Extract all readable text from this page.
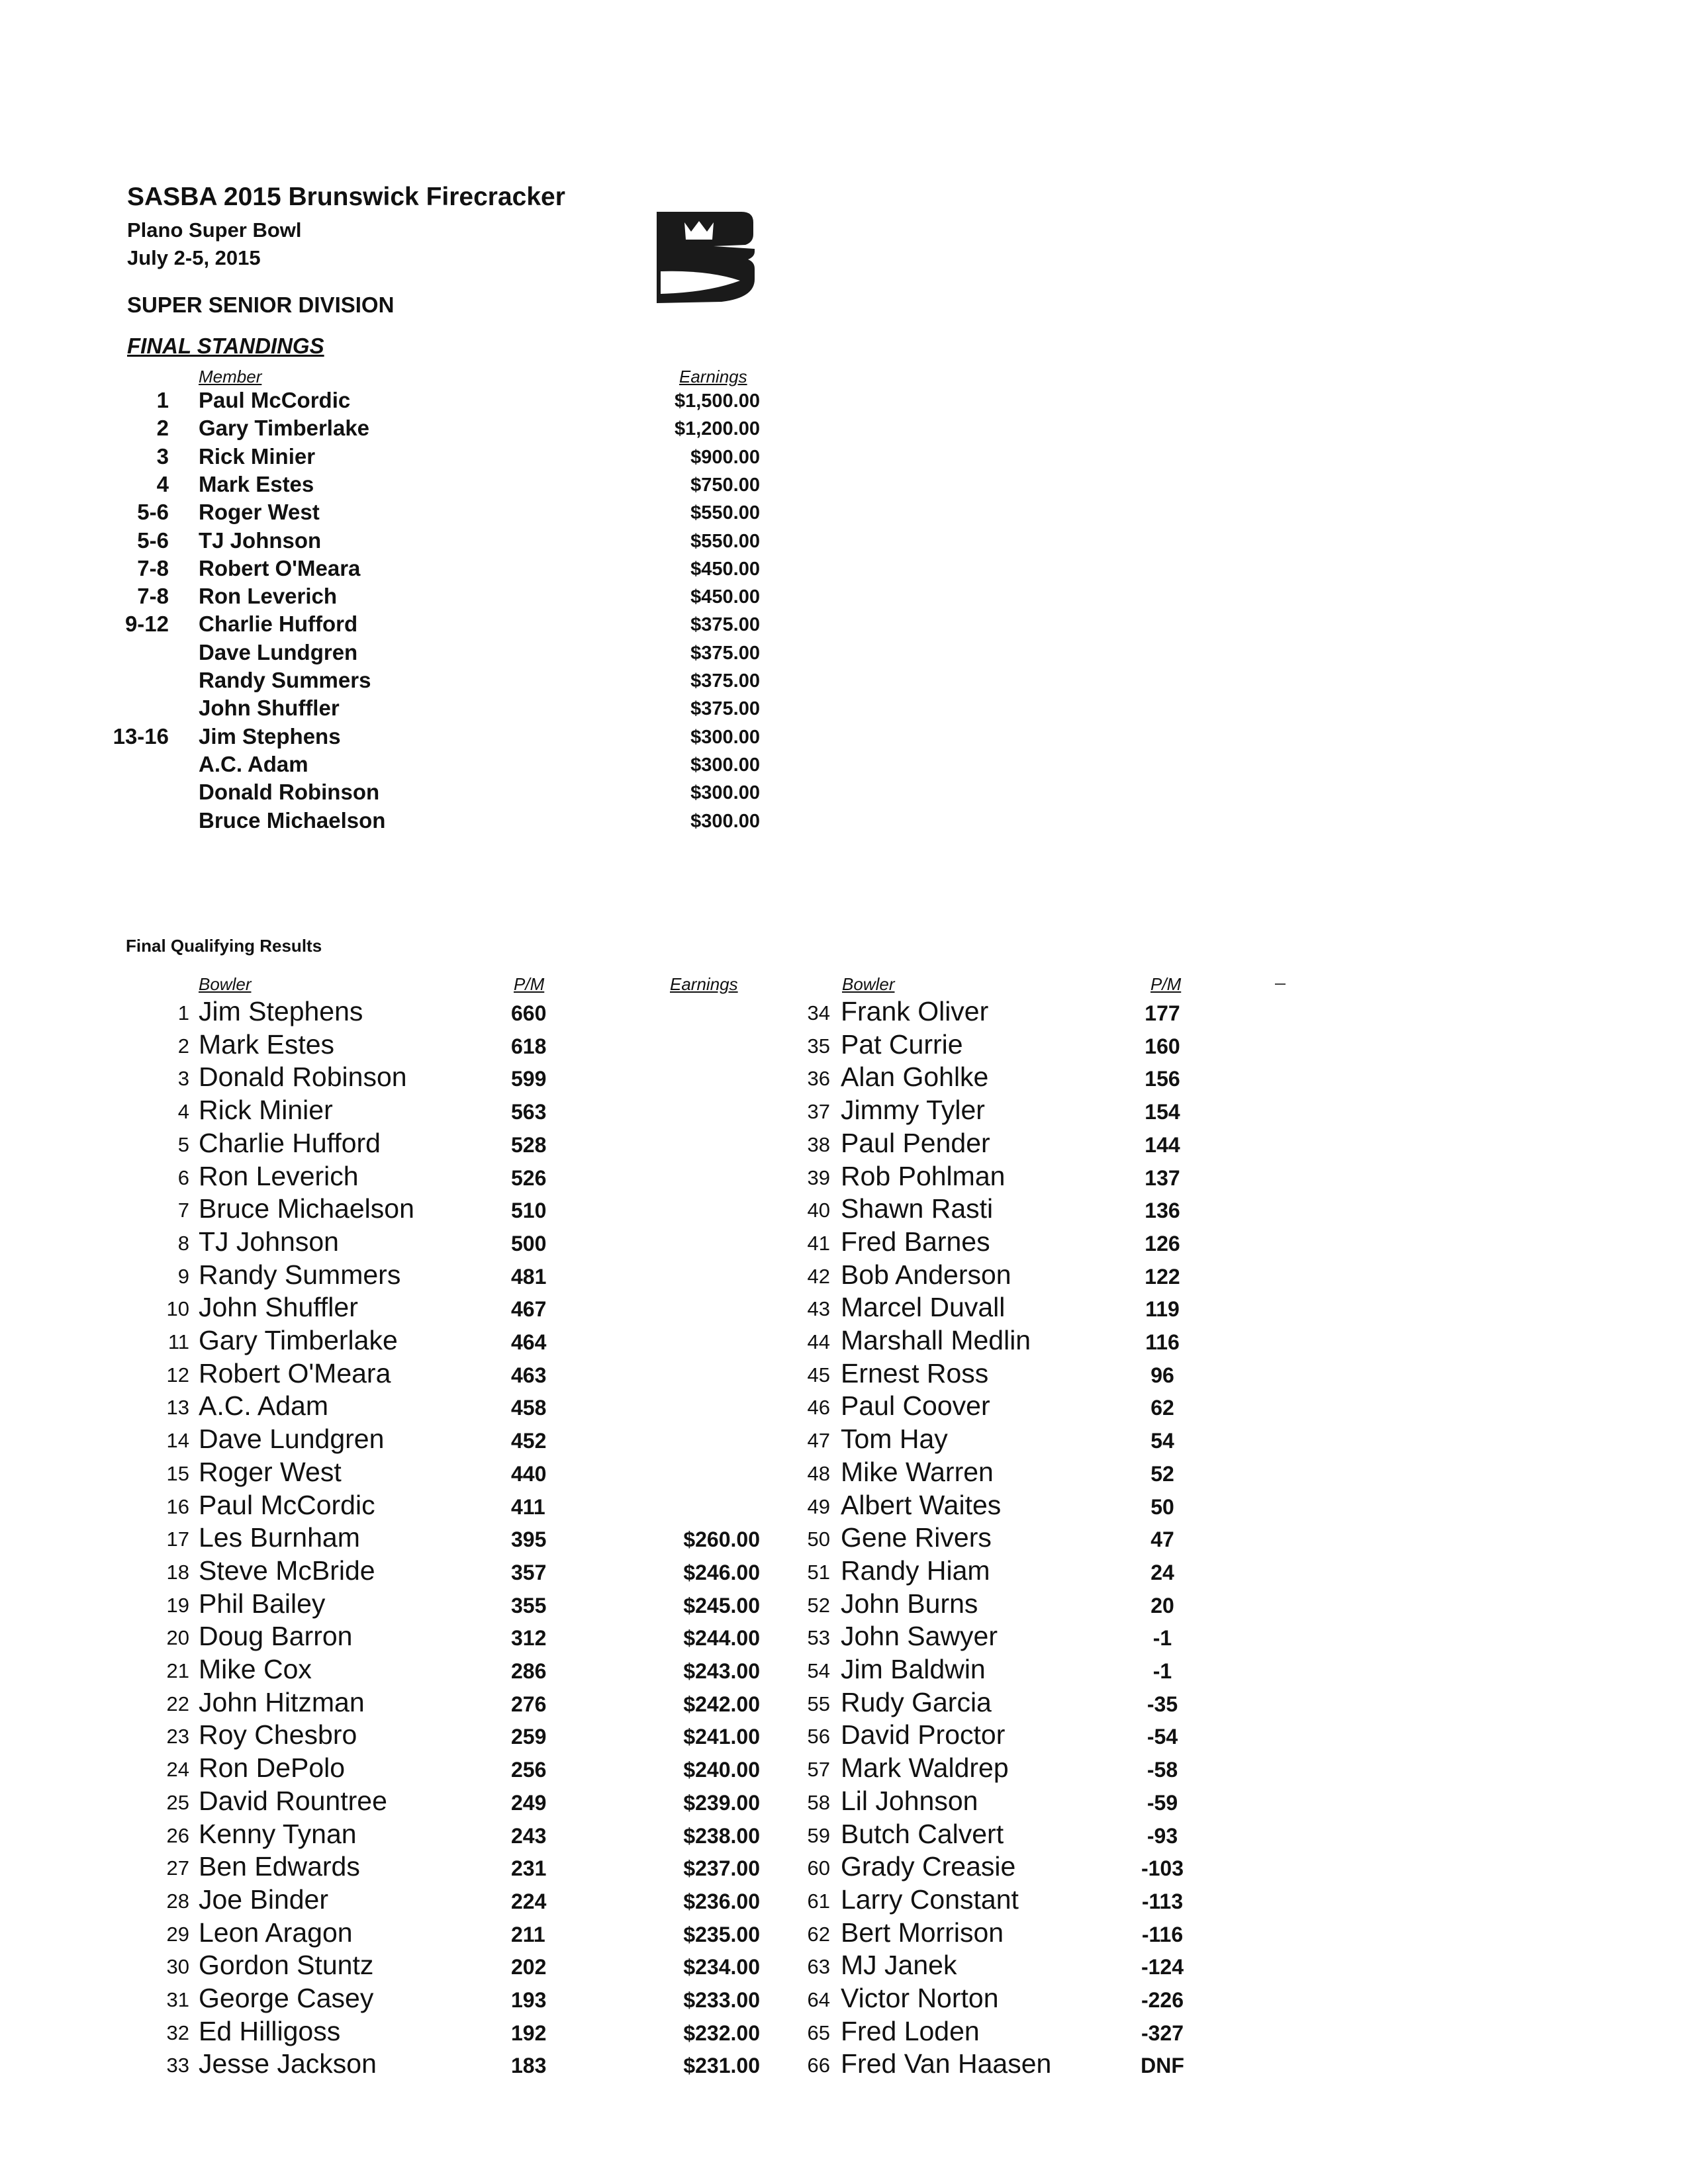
SASBA 2015 Brunswick Firecracker
Plano Super Bowl
July 2-5, 2015
SUPER SENIOR DIVISION
FINAL STANDINGS
Member	Earnings
1 Paul McCordic	$1,500.00
2 Gary Timberlake	$1,200.00
3 Rick Minier	$900.00
4 Mark Estes	$750.00
5-6 Roger West	$550.00
5-6 TJ Johnson	$550.00
7-8 Robert O'Meara	$450.00
7-8 Ron Leverich	$450.00
9-12 Charlie Hufford	$375.00
Dave Lundgren	$375.00
Randy Summers	$375.00
John Shuffler	$375.00
13-16 Jim Stephens	$300.00
A.C. Adam	$300.00
Donald Robinson	$300.00
Bruce Michaelson	$300.00
Final Qualifying Results
Bowler	P/M	Earnings	Bowler	P/M
1 Jim Stephens	660
2 Mark Estes	618
3 Donald Robinson	599
4 Rick Minier	563
5 Charlie Hufford	528
6 Ron Leverich	526
7 Bruce Michaelson	510
8 TJ Johnson	500
9 Randy Summers	481
10 John Shuffler	467
11 Gary Timberlake	464
12 Robert O'Meara	463
13 A.C. Adam	458
14 Dave Lundgren	452
15 Roger West	440
16 Paul McCordic	411
17 Les Burnham	395	$260.00
18 Steve McBride	357	$246.00
19 Phil Bailey	355	$245.00
20 Doug Barron	312	$244.00
21 Mike Cox	286	$243.00
22 John Hitzman	276	$242.00
23 Roy Chesbro	259	$241.00
24 Ron DePolo	256	$240.00
25 David Rountree	249	$239.00
26 Kenny Tynan	243	$238.00
27 Ben Edwards	231	$237.00
28 Joe Binder	224	$236.00
29 Leon Aragon	211	$235.00
30 Gordon Stuntz	202	$234.00
31 George Casey	193	$233.00
32 Ed Hilligoss	192	$232.00
33 Jesse Jackson	183	$231.00
34 Frank Oliver	177
35 Pat Currie	160
36 Alan Gohlke	156
37 Jimmy Tyler	154
38 Paul Pender	144
39 Rob Pohlman	137
40 Shawn Rasti	136
41 Fred Barnes	126
42 Bob Anderson	122
43 Marcel Duvall	119
44 Marshall Medlin	116
45 Ernest Ross	96
46 Paul Coover	62
47 Tom Hay	54
48 Mike Warren	52
49 Albert Waites	50
50 Gene Rivers	47
51 Randy Hiam	24
52 John Burns	20
53 John Sawyer	-1
54 Jim Baldwin	-1
55 Rudy Garcia	-35
56 David Proctor	-54
57 Mark Waldrep	-58
58 Lil Johnson	-59
59 Butch Calvert	-93
60 Grady Creasie	-103
61 Larry Constant	-113
62 Bert Morrison	-116
63 MJ Janek	-124
64 Victor Norton	-226
65 Fred Loden	-327
66 Fred Van Haasen	DNF
